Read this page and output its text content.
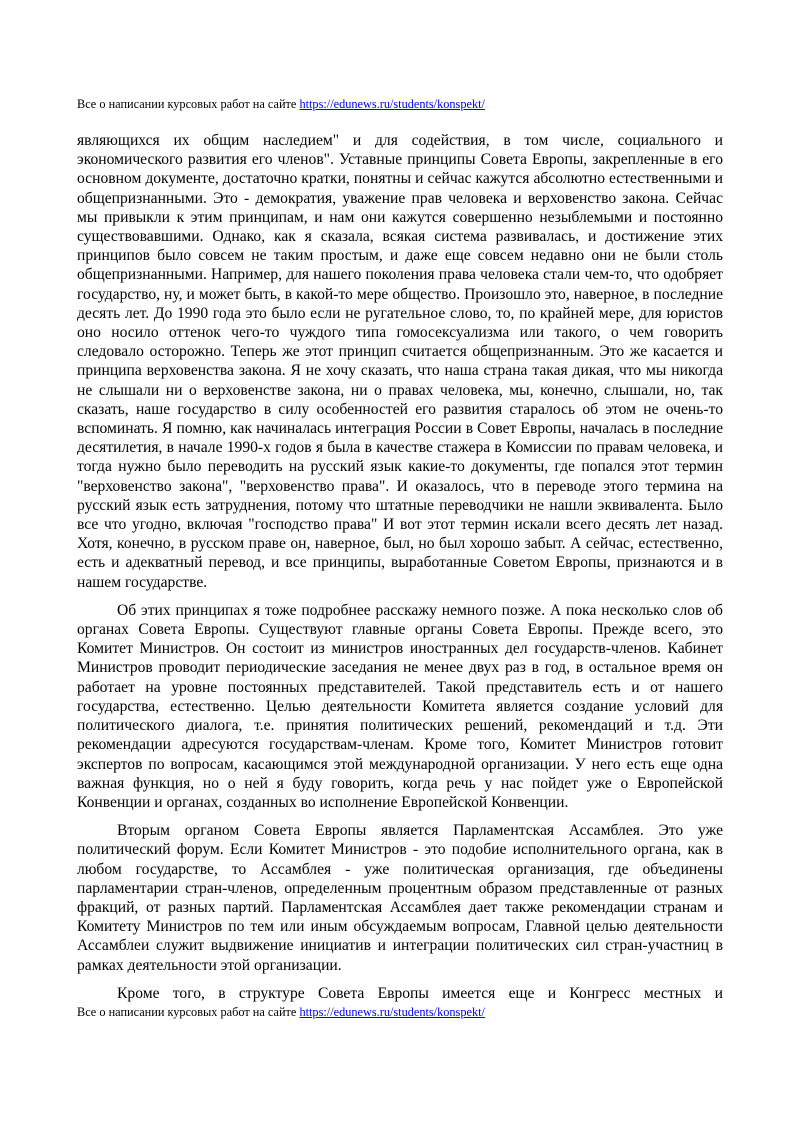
Все о написании курсовых работ на сайте https://edunews.ru/students/konspekt/

являющихся их общим наследием" и для содействия, в том числе, социального и экономического развития его членов". Уставные принципы Совета Европы, закрепленные в его основном документе, достаточно кратки, понятны и сейчас кажутся абсолютно естественными и общепризнанными. Это - демократия, уважение прав человека и верховенство закона. Сейчас мы привыкли к этим принципам, и нам они кажутся совершенно незыблемыми и постоянно существовавшими. Однако, как я сказала, всякая система развивалась, и достижение этих принципов было совсем не таким простым, и даже еще совсем недавно они не были столь общепризнанными. Например, для нашего поколения права человека стали чем-то, что одобряет государство, ну, и может быть, в какой-то мере общество. Произошло это, наверное, в последние десять лет. До 1990 года это было если не ругательное слово, то, по крайней мере, для юристов оно носило оттенок чего-то чуждого типа гомосексуализма или такого, о чем говорить следовало осторожно. Теперь же этот принцип считается общепризнанным. Это же касается и принципа верховенства закона. Я не хочу сказать, что наша страна такая дикая, что мы никогда не слышали ни о верховенстве закона, ни о правах человека, мы, конечно, слышали, но, так сказать, наше государство в силу особенностей его развития старалось об этом не очень-то вспоминать. Я помню, как начиналась интеграция России в Совет Европы, началась в последние десятилетия, в начале 1990-х годов я была в качестве стажера в Комиссии по правам человека, и тогда нужно было переводить на русский язык какие-то документы, где попался этот термин "верховенство закона", "верховенство права". И оказалось, что в переводе этого термина на русский язык есть затруднения, потому что штатные переводчики не нашли эквивалента. Было все что угодно, включая "господство права" И вот этот термин искали всего десять лет назад. Хотя, конечно, в русском праве он, наверное, был, но был хорошо забыт. А сейчас, естественно, есть и адекватный перевод, и все принципы, выработанные Советом Европы, признаются и в нашем государстве.

Об этих принципах я тоже подробнее расскажу немного позже. А пока несколько слов об органах Совета Европы. Существуют главные органы Совета Европы. Прежде всего, это Комитет Министров. Он состоит из министров иностранных дел государств-членов. Кабинет Министров проводит периодические заседания не менее двух раз в год, в остальное время он работает на уровне постоянных представителей. Такой представитель есть и от нашего государства, естественно. Целью деятельности Комитета является создание условий для политического диалога, т.е. принятия политических решений, рекомендаций и т.д. Эти рекомендации адресуются государствам-членам. Кроме того, Комитет Министров готовит экспертов по вопросам, касающимся этой международной организации. У него есть еще одна важная функция, но о ней я буду говорить, когда речь у нас пойдет уже о Европейской Конвенции и органах, созданных во исполнение Европейской Конвенции.

Вторым органом Совета Европы является Парламентская Ассамблея. Это уже политический форум. Если Комитет Министров - это подобие исполнительного органа, как в любом государстве, то Ассамблея - уже политическая организация, где объединены парламентарии стран-членов, определенным процентным образом представленные от разных фракций, от разных партий. Парламентская Ассамблея дает также рекомендации странам и Комитету Министров по тем или иным обсуждаемым вопросам, Главной целью деятельности Ассамблеи служит выдвижение инициатив и интеграции политических сил стран-участниц в рамках деятельности этой организации.

Кроме того, в структуре Совета Европы имеется еще и Конгресс местных и

Все о написании курсовых работ на сайте https://edunews.ru/students/konspekt/
